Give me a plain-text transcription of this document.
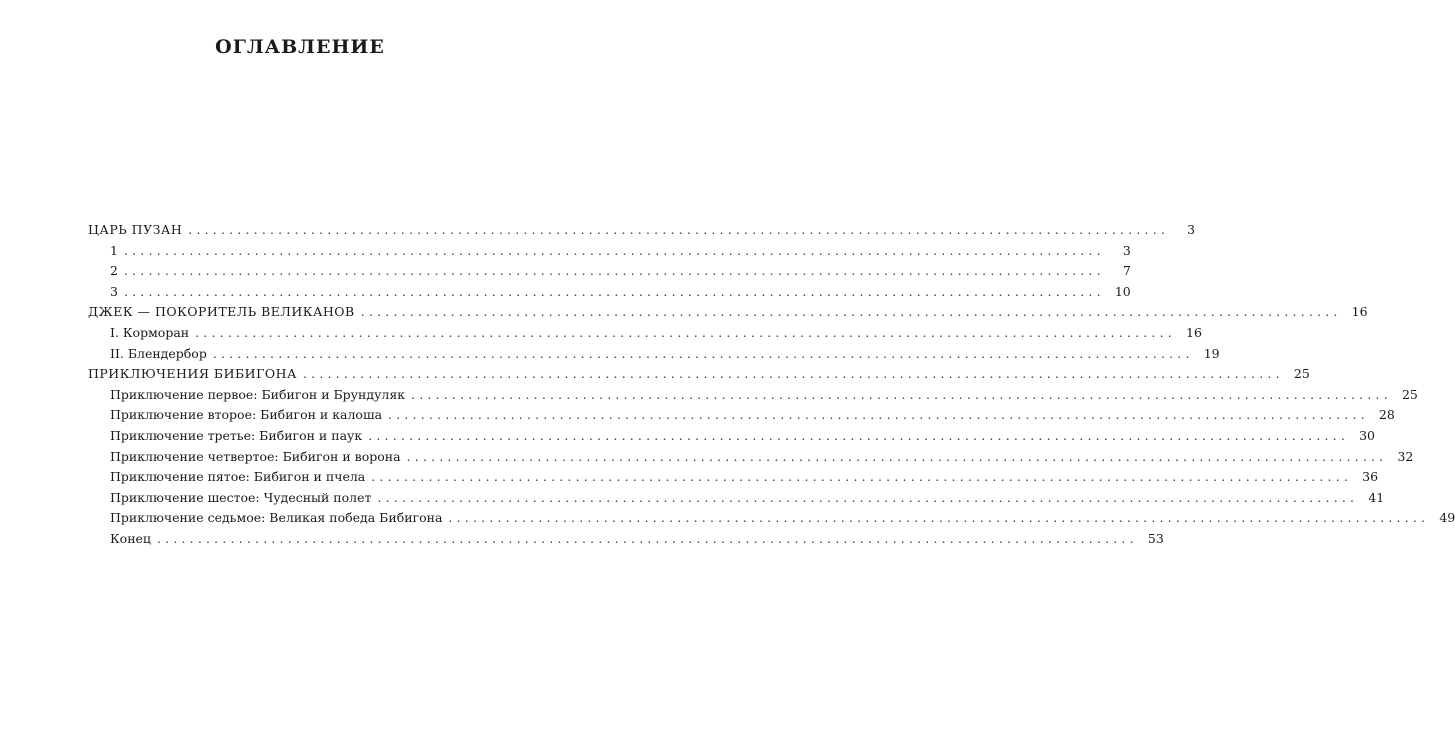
ОГЛАВЛЕНИЕ
ЦАРЬ ПУЗАН ........................................................................................................................	3
1 ........................................................................................................................	3
2 ........................................................................................................................	7
3 ........................................................................................................................ 10
ДЖЕК — ПОКОРИТЕЛЬ ВЕЛИКАНОВ ........................................................................................................................ 16
I. Корморан ........................................................................................................................ 16
II. Блендербор ........................................................................................................................ 19
ПРИКЛЮЧЕНИЯ БИБИГОНА ........................................................................................................................ 25
Приключение первое: Бибигон и Брундуляк ........................................................................................................................ 25
Приключение второе: Бибигон и калоша ........................................................................................................................ 28
Приключение третье: Бибигон и паук ........................................................................................................................ 30
Приключение четвертое: Бибигон и ворона ........................................................................................................................ 32
Приключение пятое: Бибигон и пчела ........................................................................................................................ 36
Приключение шестое: Чудесный полет ........................................................................................................................ 41
Приключение седьмое: Великая победа Бибигона ........................................................................................................................ 49
Конец ........................................................................................................................ 53
